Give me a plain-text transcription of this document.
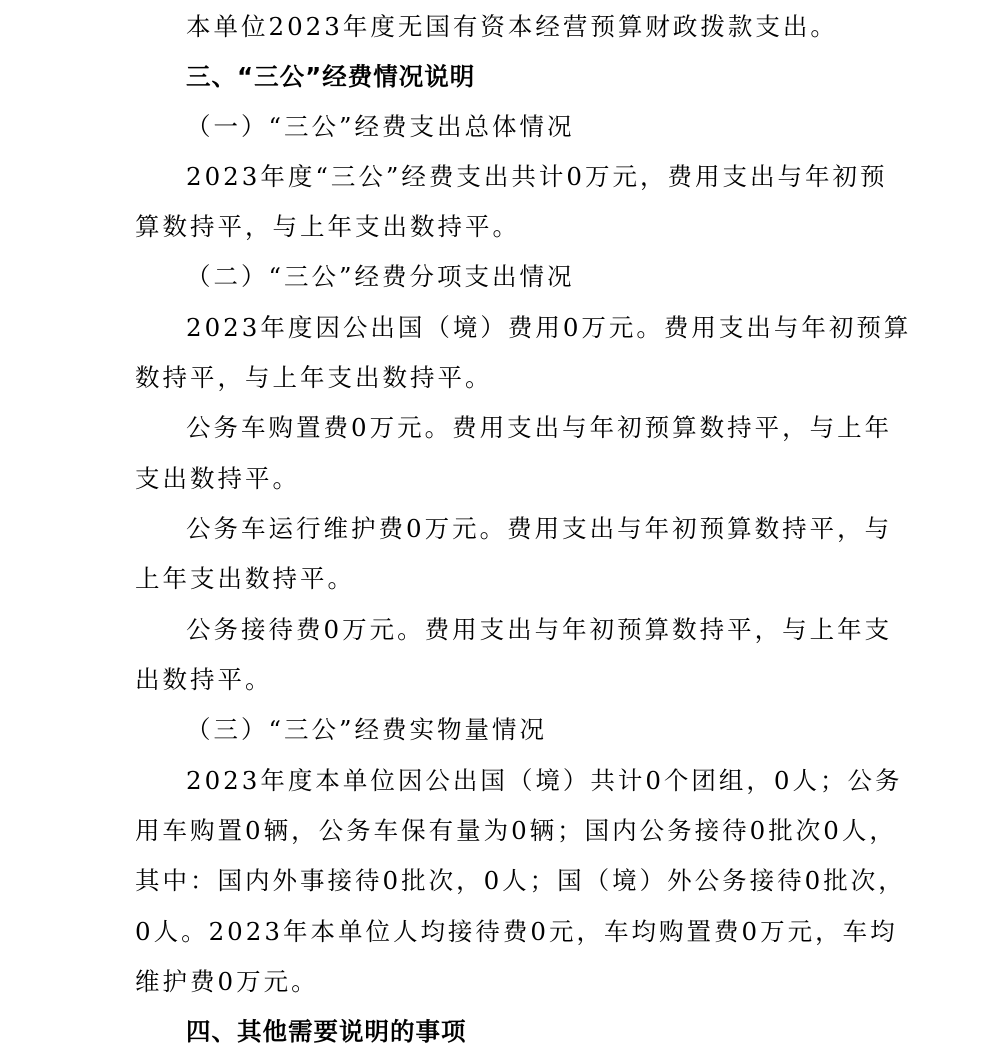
本单位2023年度无国有资本经营预算财政拨款支出。
三、“三公”经费情况说明
（一）“三公”经费支出总体情况
2023年度“三公”经费支出共计0万元，费用支出与年初预
算数持平，与上年支出数持平。
（二）“三公”经费分项支出情况
2023年度因公出国（境）费用0万元。费用支出与年初预算
数持平，与上年支出数持平。
公务车购置费0万元。费用支出与年初预算数持平，与上年
支出数持平。
公务车运行维护费0万元。费用支出与年初预算数持平，与
上年支出数持平。
公务接待费0万元。费用支出与年初预算数持平，与上年支
出数持平。
（三）“三公”经费实物量情况
2023年度本单位因公出国（境）共计0个团组，0人；公务
用车购置0辆，公务车保有量为0辆；国内公务接待0批次0人，
其中：国内外事接待0批次，0人；国（境）外公务接待0批次，
0人。2023年本单位人均接待费0元，车均购置费0万元，车均
维护费0万元。
四、其他需要说明的事项
